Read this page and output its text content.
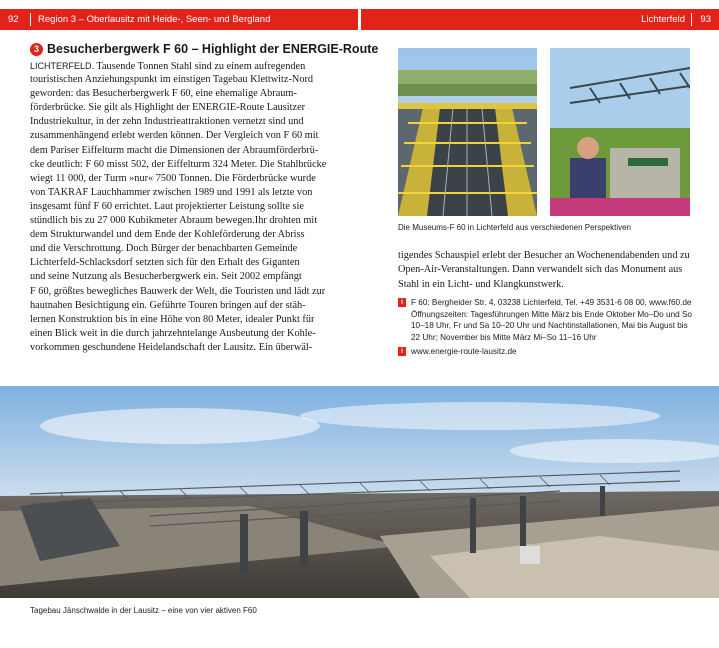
92 Region 3 – Oberlausitz mit Heide-, Seen- und Bergland	Lichterfeld 93
3 Besucherbergwerk F 60 – Highlight der ENERGIE-Route
LICHTERFELD. Tausende Tonnen Stahl sind zu einem aufregenden
touristischen Anziehungspunkt im einstigen Tagebau Klettwitz-Nord
geworden: das Besucherbergwerk F 60, eine ehemalige Abraum-
förderbrücke. Sie gilt als Highlight der ENERGIE-Route Lausitzer
Industriekultur, in der zehn Industrieattraktionen vernetzt sind und
zusammenhängend erlebt werden können. Der Vergleich von F 60 mit
dem Pariser Eiffelturm macht die Dimensionen der Abraumförderbrü-
cke deutlich: F 60 misst 502, der Eiffelturm 324 Meter. Die Stahlbrücke
wiegt 11 000, der Turm »nur« 7500 Tonnen. Die Förderbrücke wurde
von TAKRAF Lauchhammer zwischen 1989 und 1991 als letzte von
insgesamt fünf F 60 errichtet. Laut projektierter Leistung sollte sie
stündlich bis zu 27 000 Kubikmeter Abraum bewegen.Ihr drohten mit
dem Strukturwandel und dem Ende der Kohleförderung der Abriss
und die Verschrottung. Doch Bürger der benachbarten Gemeinde
Lichterfeld-Schlacksdorf setzten sich für den Erhalt des Giganten
und seine Nutzung als Besucherbergwerk ein. Seit 2002 empfängt
F 60, größtes bewegliches Bauwerk der Welt, die Touristen und lädt zur
hautnahen Besichtigung ein. Geführte Touren bringen auf der stäh-
lernen Konstruktion bis in eine Höhe von 80 Meter, idealer Punkt für
einen Blick weit in die durch jahrzehntelange Ausbeutung der Kohle-
vorkommen geschundene Heidelandschaft der Lausitz. Ein überwäl-
Die Museums-F 60 in Lichterfeld aus verschiedenen Perspektiven
tigendes Schauspiel erlebt der Besucher an Wochenendabenden und zu
Open-Air-Veranstaltungen. Dann verwandelt sich das Monument aus
Stahl in ein Licht- und Klangkunstwerk.
i F 60: Bergheider Str. 4, 03238 Lichterfeld, Tel. +49 3531-6 08 00, www.f60.de
Öffnungszeiten: Tagesführungen Mitte März bis Ende Oktober Mo–Do und So
10–18 Uhr, Fr und Sa 10–20 Uhr und Nachtinstallationen, Mai bis August bis
22 Uhr; November bis Mitte März Mi–So 11–16 Uhr
i www.energie-route-lausitz.de
Tagebau Jänschwalde in der Lausitz – eine von vier aktiven F60
